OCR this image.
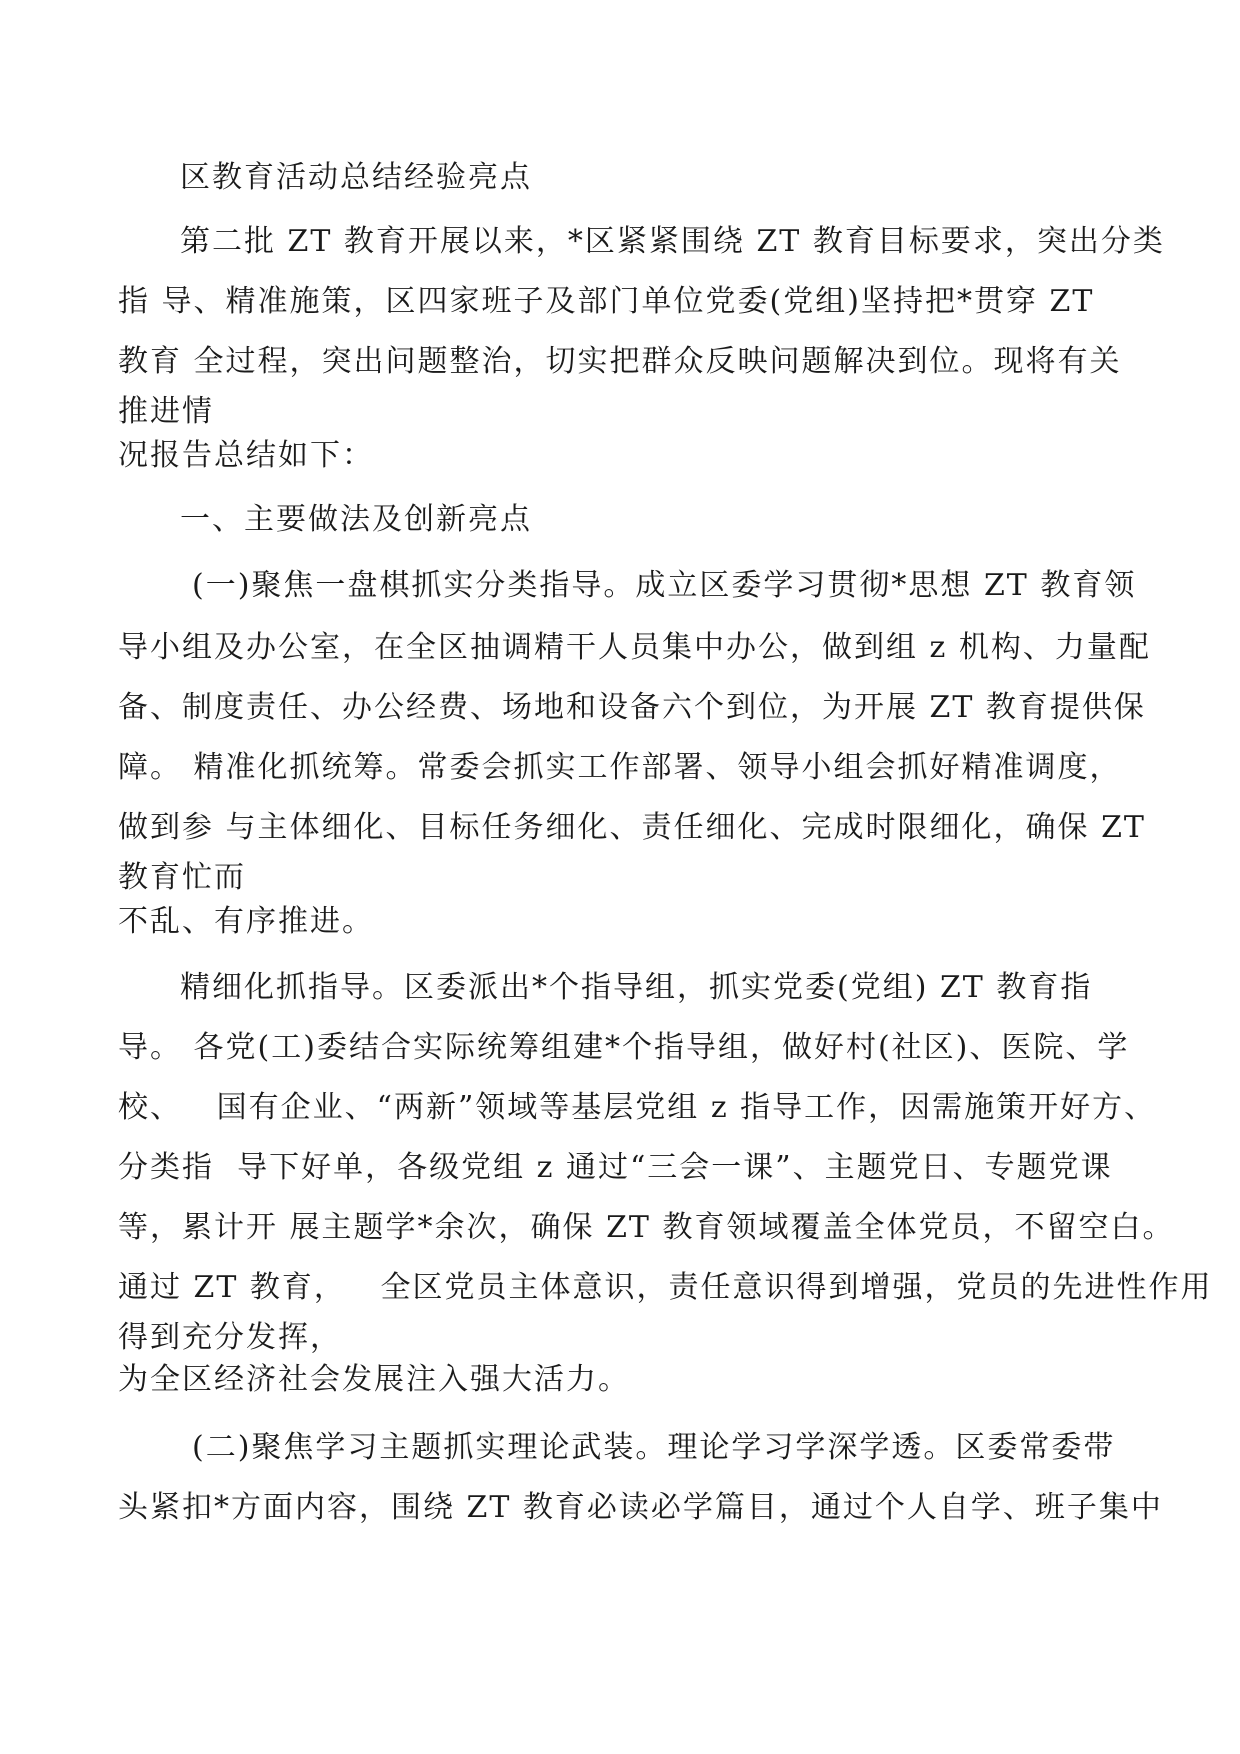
区教育活动总结经验亮点
第二批 ZT 教育开展以来，*区紧紧围绕 ZT 教育目标要求，突出分类
指 导、精准施策，区四家班子及部门单位党委(党组)坚持把*贯穿 ZT
教育 全过程，突出问题整治，切实把群众反映问题解决到位。现将有关
推进情
况报告总结如下：
一、主要做法及创新亮点
(一)聚焦一盘棋抓实分类指导。成立区委学习贯彻*思想 ZT 教育领
导小组及办公室，在全区抽调精干人员集中办公，做到组 z 机构、力量配
备、制度责任、办公经费、场地和设备六个到位，为开展 ZT 教育提供保
障。 精准化抓统筹。常委会抓实工作部署、领导小组会抓好精准调度，
做到参 与主体细化、目标任务细化、责任细化、完成时限细化，确保 ZT
教育忙而
不乱、有序推进。
精细化抓指导。区委派出*个指导组，抓实党委(党组) ZT 教育指
导。 各党(工)委结合实际统筹组建*个指导组，做好村(社区)、医院、学
校、   国有企业、“两新”领域等基层党组 z 指导工作，因需施策开好方、
分类指  导下好单，各级党组 z 通过“三会一课”、主题党日、专题党课
等，累计开 展主题学*余次，确保 ZT 教育领域覆盖全体党员，不留空白。
通过 ZT 教育，   全区党员主体意识，责任意识得到增强，党员的先进性作用
得到充分发挥，
为全区经济社会发展注入强大活力。
(二)聚焦学习主题抓实理论武装。理论学习学深学透。区委常委带
头紧扣*方面内容，围绕 ZT 教育必读必学篇目，通过个人自学、班子集中
